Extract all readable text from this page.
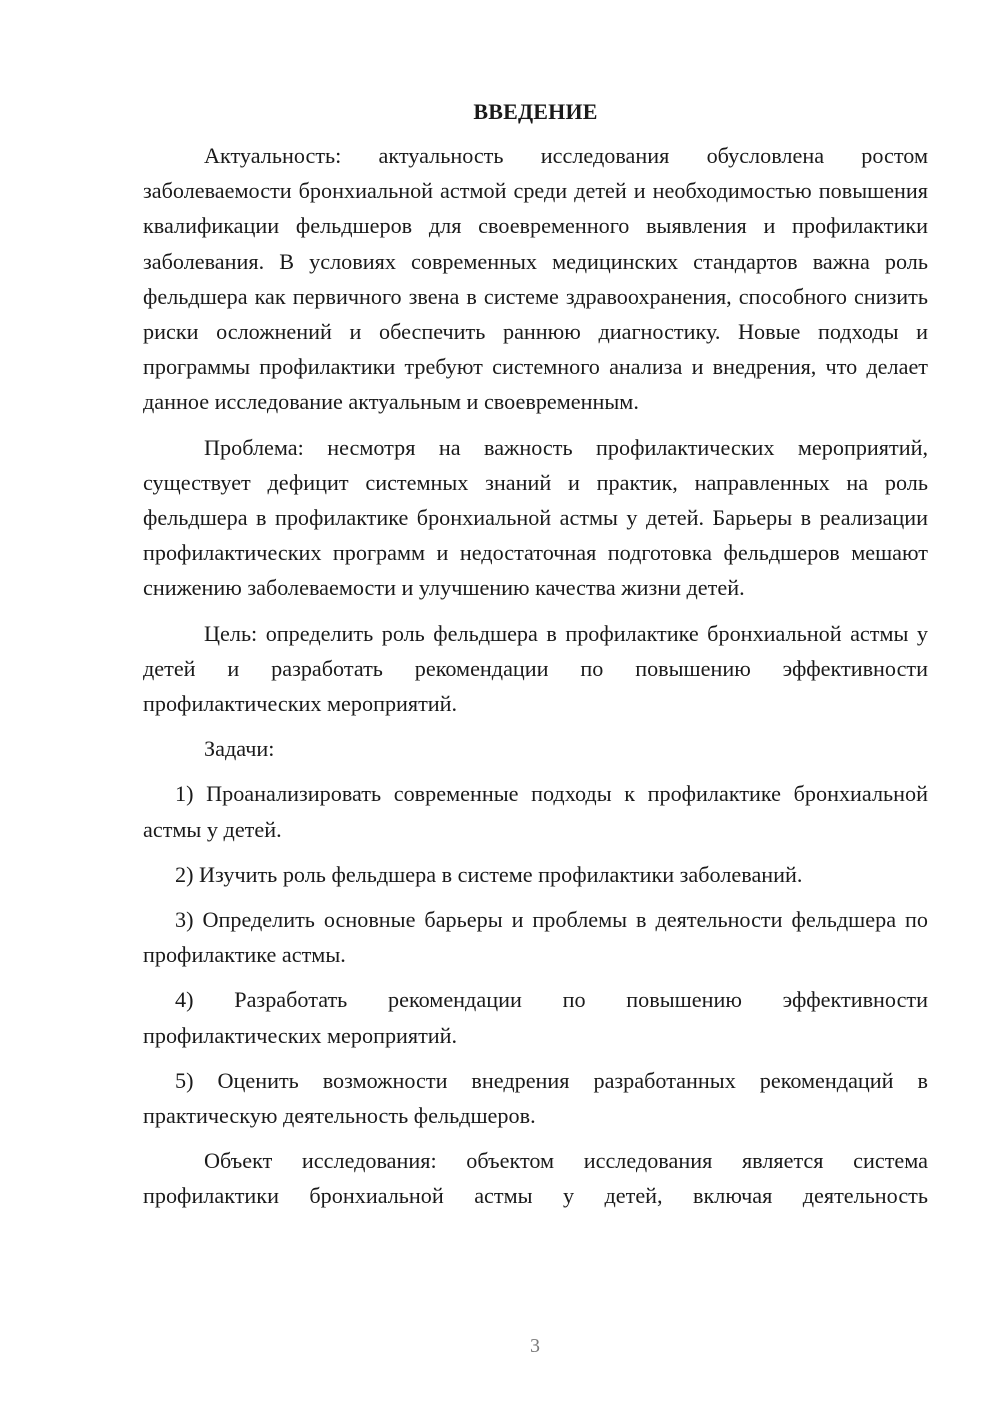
ВВЕДЕНИЕ

Актуальность: актуальность исследования обусловлена ростом заболеваемости бронхиальной астмой среди детей и необходимостью повышения квалификации фельдшеров для своевременного выявления и профилактики заболевания. В условиях современных медицинских стандартов важна роль фельдшера как первичного звена в системе здравоохранения, способного снизить риски осложнений и обеспечить раннюю диагностику. Новые подходы и программы профилактики требуют системного анализа и внедрения, что делает данное исследование актуальным и своевременным.

Проблема: несмотря на важность профилактических мероприятий, существует дефицит системных знаний и практик, направленных на роль фельдшера в профилактике бронхиальной астмы у детей. Барьеры в реализации профилактических программ и недостаточная подготовка фельдшеров мешают снижению заболеваемости и улучшению качества жизни детей.

Цель: определить роль фельдшера в профилактике бронхиальной астмы у детей и разработать рекомендации по повышению эффективности профилактических мероприятий.

Задачи:

1) Проанализировать современные подходы к профилактике бронхиальной астмы у детей.

2) Изучить роль фельдшера в системе профилактики заболеваний.

3) Определить основные барьеры и проблемы в деятельности фельдшера по профилактике астмы.

4) Разработать рекомендации по повышению эффективности профилактических мероприятий.

5) Оценить возможности внедрения разработанных рекомендаций в практическую деятельность фельдшеров.

Объект исследования: объектом исследования является система профилактики бронхиальной астмы у детей, включая деятельность

3
